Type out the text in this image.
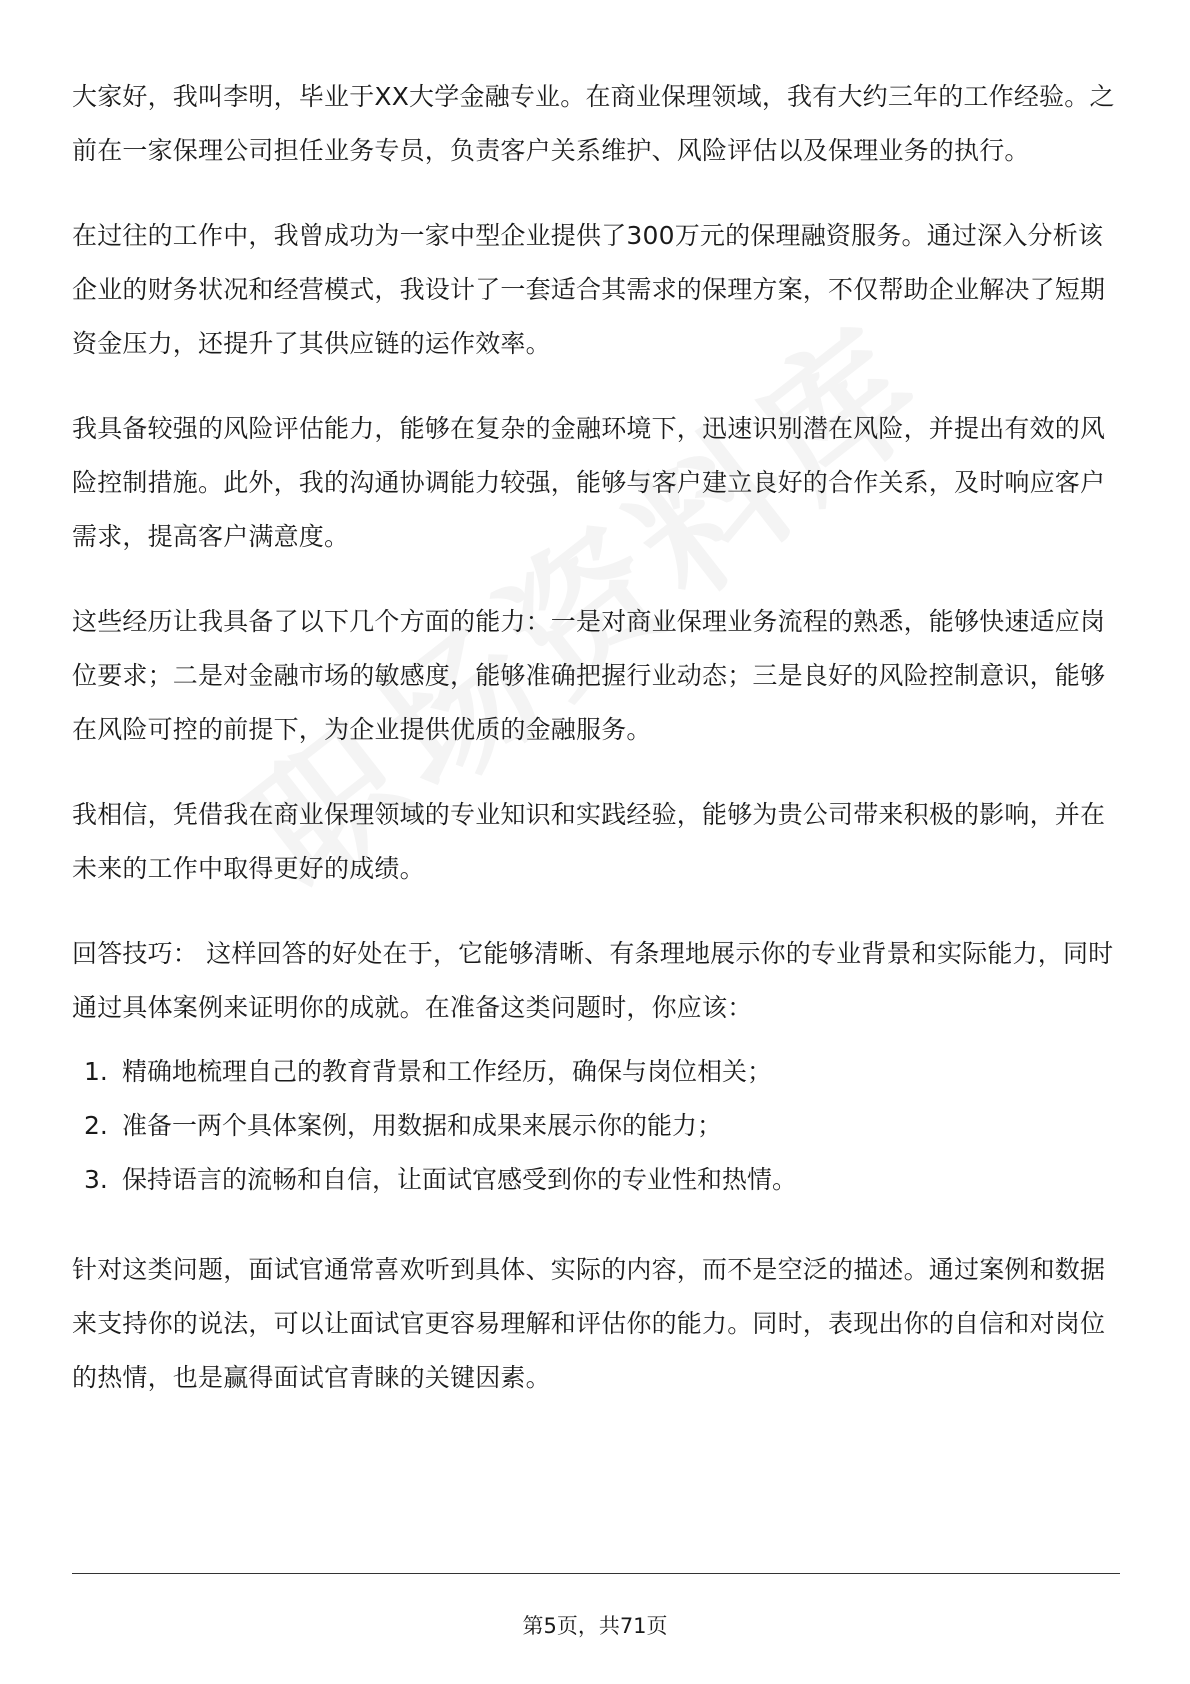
大家好，我叫李明，毕业于XX大学金融专业。在商业保理领域，我有大约三年的工作经验。之前在一家保理公司担任业务专员，负责客户关系维护、风险评估以及保理业务的执行。

在过往的工作中，我曾成功为一家中型企业提供了300万元的保理融资服务。通过深入分析该企业的财务状况和经营模式，我设计了一套适合其需求的保理方案，不仅帮助企业解决了短期资金压力，还提升了其供应链的运作效率。

我具备较强的风险评估能力，能够在复杂的金融环境下，迅速识别潜在风险，并提出有效的风险控制措施。此外，我的沟通协调能力较强，能够与客户建立良好的合作关系，及时响应客户需求，提高客户满意度。

这些经历让我具备了以下几个方面的能力：一是对商业保理业务流程的熟悉，能够快速适应岗位要求；二是对金融市场的敏感度，能够准确把握行业动态；三是良好的风险控制意识，能够在风险可控的前提下，为企业提供优质的金融服务。

我相信，凭借我在商业保理领域的专业知识和实践经验，能够为贵公司带来积极的影响，并在未来的工作中取得更好的成绩。

回答技巧： 这样回答的好处在于，它能够清晰、有条理地展示你的专业背景和实际能力，同时通过具体案例来证明你的成就。在准备这类问题时，你应该：

1. 精确地梳理自己的教育背景和工作经历，确保与岗位相关；
2. 准备一两个具体案例，用数据和成果来展示你的能力；
3. 保持语言的流畅和自信，让面试官感受到你的专业性和热情。

针对这类问题，面试官通常喜欢听到具体、实际的内容，而不是空泛的描述。通过案例和数据来支持你的说法，可以让面试官更容易理解和评估你的能力。同时，表现出你的自信和对岗位的热情，也是赢得面试官青睐的关键因素。

第5页，共71页
